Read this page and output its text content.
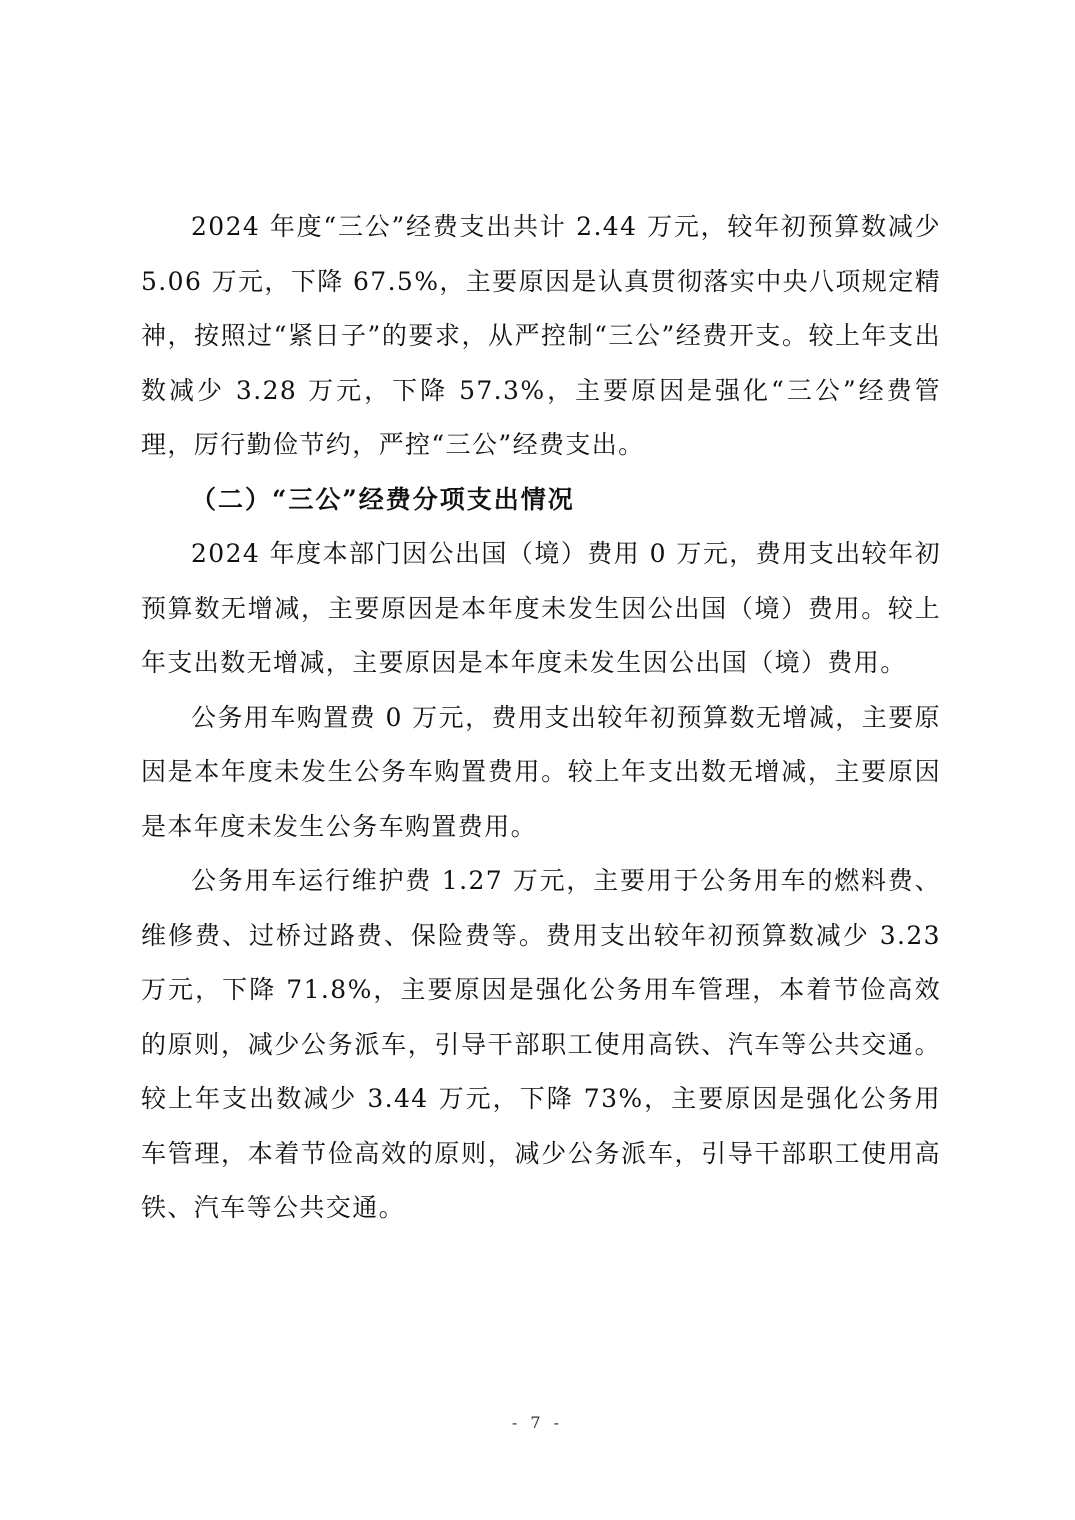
2024 年度“三公”经费支出共计 2.44 万元，较年初预算数减少 5.06 万元，下降 67.5%，主要原因是认真贯彻落实中央八项规定精神，按照过“紧日子”的要求，从严控制“三公”经费开支。较上年支出数减少 3.28 万元，下降 57.3%，主要原因是强化“三公”经费管理，厉行勤俭节约，严控“三公”经费支出。

（二）“三公”经费分项支出情况

2024 年度本部门因公出国（境）费用 0 万元，费用支出较年初预算数无增减，主要原因是本年度未发生因公出国（境）费用。较上年支出数无增减，主要原因是本年度未发生因公出国（境）费用。

公务用车购置费 0 万元，费用支出较年初预算数无增减，主要原因是本年度未发生公务车购置费用。较上年支出数无增减，主要原因是本年度未发生公务车购置费用。

公务用车运行维护费 1.27 万元，主要用于公务用车的燃料费、维修费、过桥过路费、保险费等。费用支出较年初预算数减少 3.23 万元，下降 71.8%，主要原因是强化公务用车管理，本着节俭高效的原则，减少公务派车，引导干部职工使用高铁、汽车等公共交通。较上年支出数减少 3.44 万元，下降 73%，主要原因是强化公务用车管理，本着节俭高效的原则，减少公务派车，引导干部职工使用高铁、汽车等公共交通。

- 7 -
